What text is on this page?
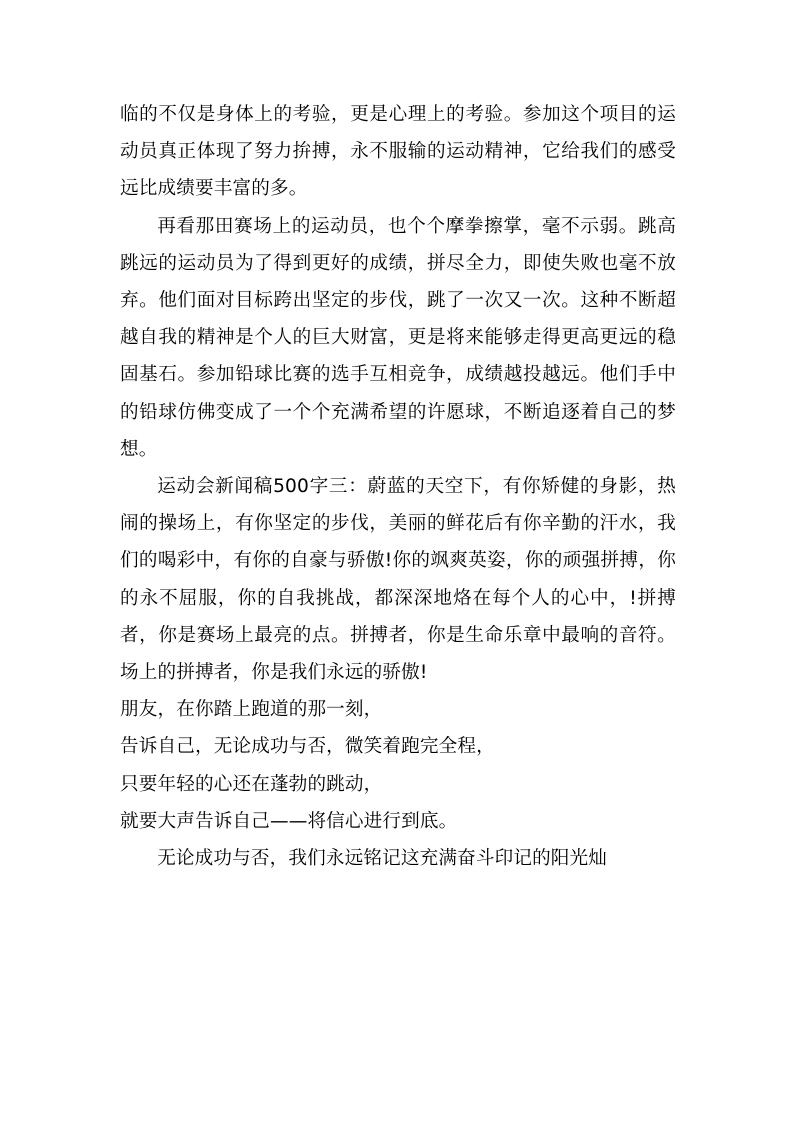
临的不仅是身体上的考验，更是心理上的考验。参加这个项目的运动员真正体现了努力拚搏，永不服输的运动精神，它给我们的感受远比成绩要丰富的多。

再看那田赛场上的运动员，也个个摩拳擦掌，毫不示弱。跳高跳远的运动员为了得到更好的成绩，拼尽全力，即使失败也毫不放弃。他们面对目标跨出坚定的步伐，跳了一次又一次。这种不断超越自我的精神是个人的巨大财富，更是将来能够走得更高更远的稳固基石。参加铅球比赛的选手互相竞争，成绩越投越远。他们手中的铅球仿佛变成了一个个充满希望的许愿球，不断追逐着自己的梦想。

运动会新闻稿500字三：蔚蓝的天空下，有你矫健的身影，热闹的操场上，有你坚定的步伐，美丽的鲜花后有你辛勤的汗水，我们的喝彩中，有你的自豪与骄傲!你的飒爽英姿，你的顽强拼搏，你的永不屈服，你的自我挑战，都深深地烙在每个人的心中，!拼搏者，你是赛场上最亮的点。拼搏者，你是生命乐章中最响的音符。场上的拼搏者，你是我们永远的骄傲!

朋友，在你踏上跑道的那一刻，
告诉自己，无论成功与否，微笑着跑完全程，
只要年轻的心还在蓬勃的跳动，
就要大声告诉自己——将信心进行到底。

无论成功与否，我们永远铭记这充满奋斗印记的阳光灿
